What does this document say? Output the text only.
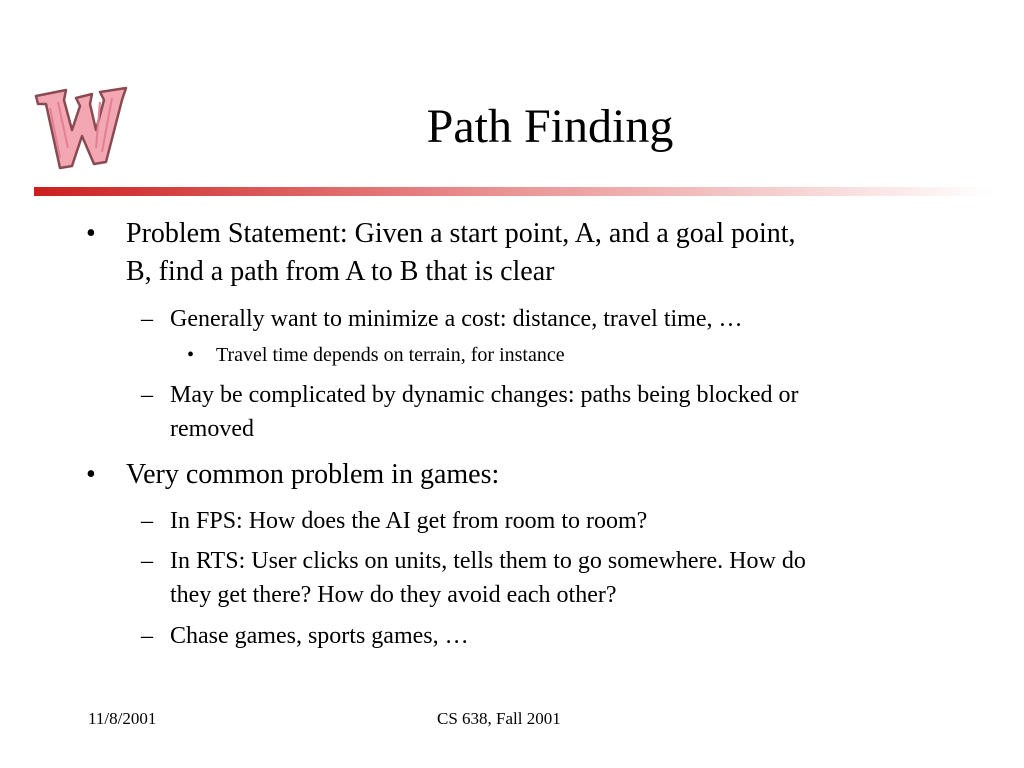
Path Finding
• Problem Statement: Given a start point, A, and a goal point,

B, find a path from A to B that is clear

– Generally want to minimize a cost: distance, travel time, …

• Travel time depends on terrain, for instance

– May be complicated by dynamic changes: paths being blocked or

removed

• Very common problem in games:

– In FPS: How does the AI get from room to room?

– In RTS: User clicks on units, tells them to go somewhere. How do

they get there? How do they avoid each other?

– Chase games, sports games, …

11/8/2001	CS 638, Fall 2001
